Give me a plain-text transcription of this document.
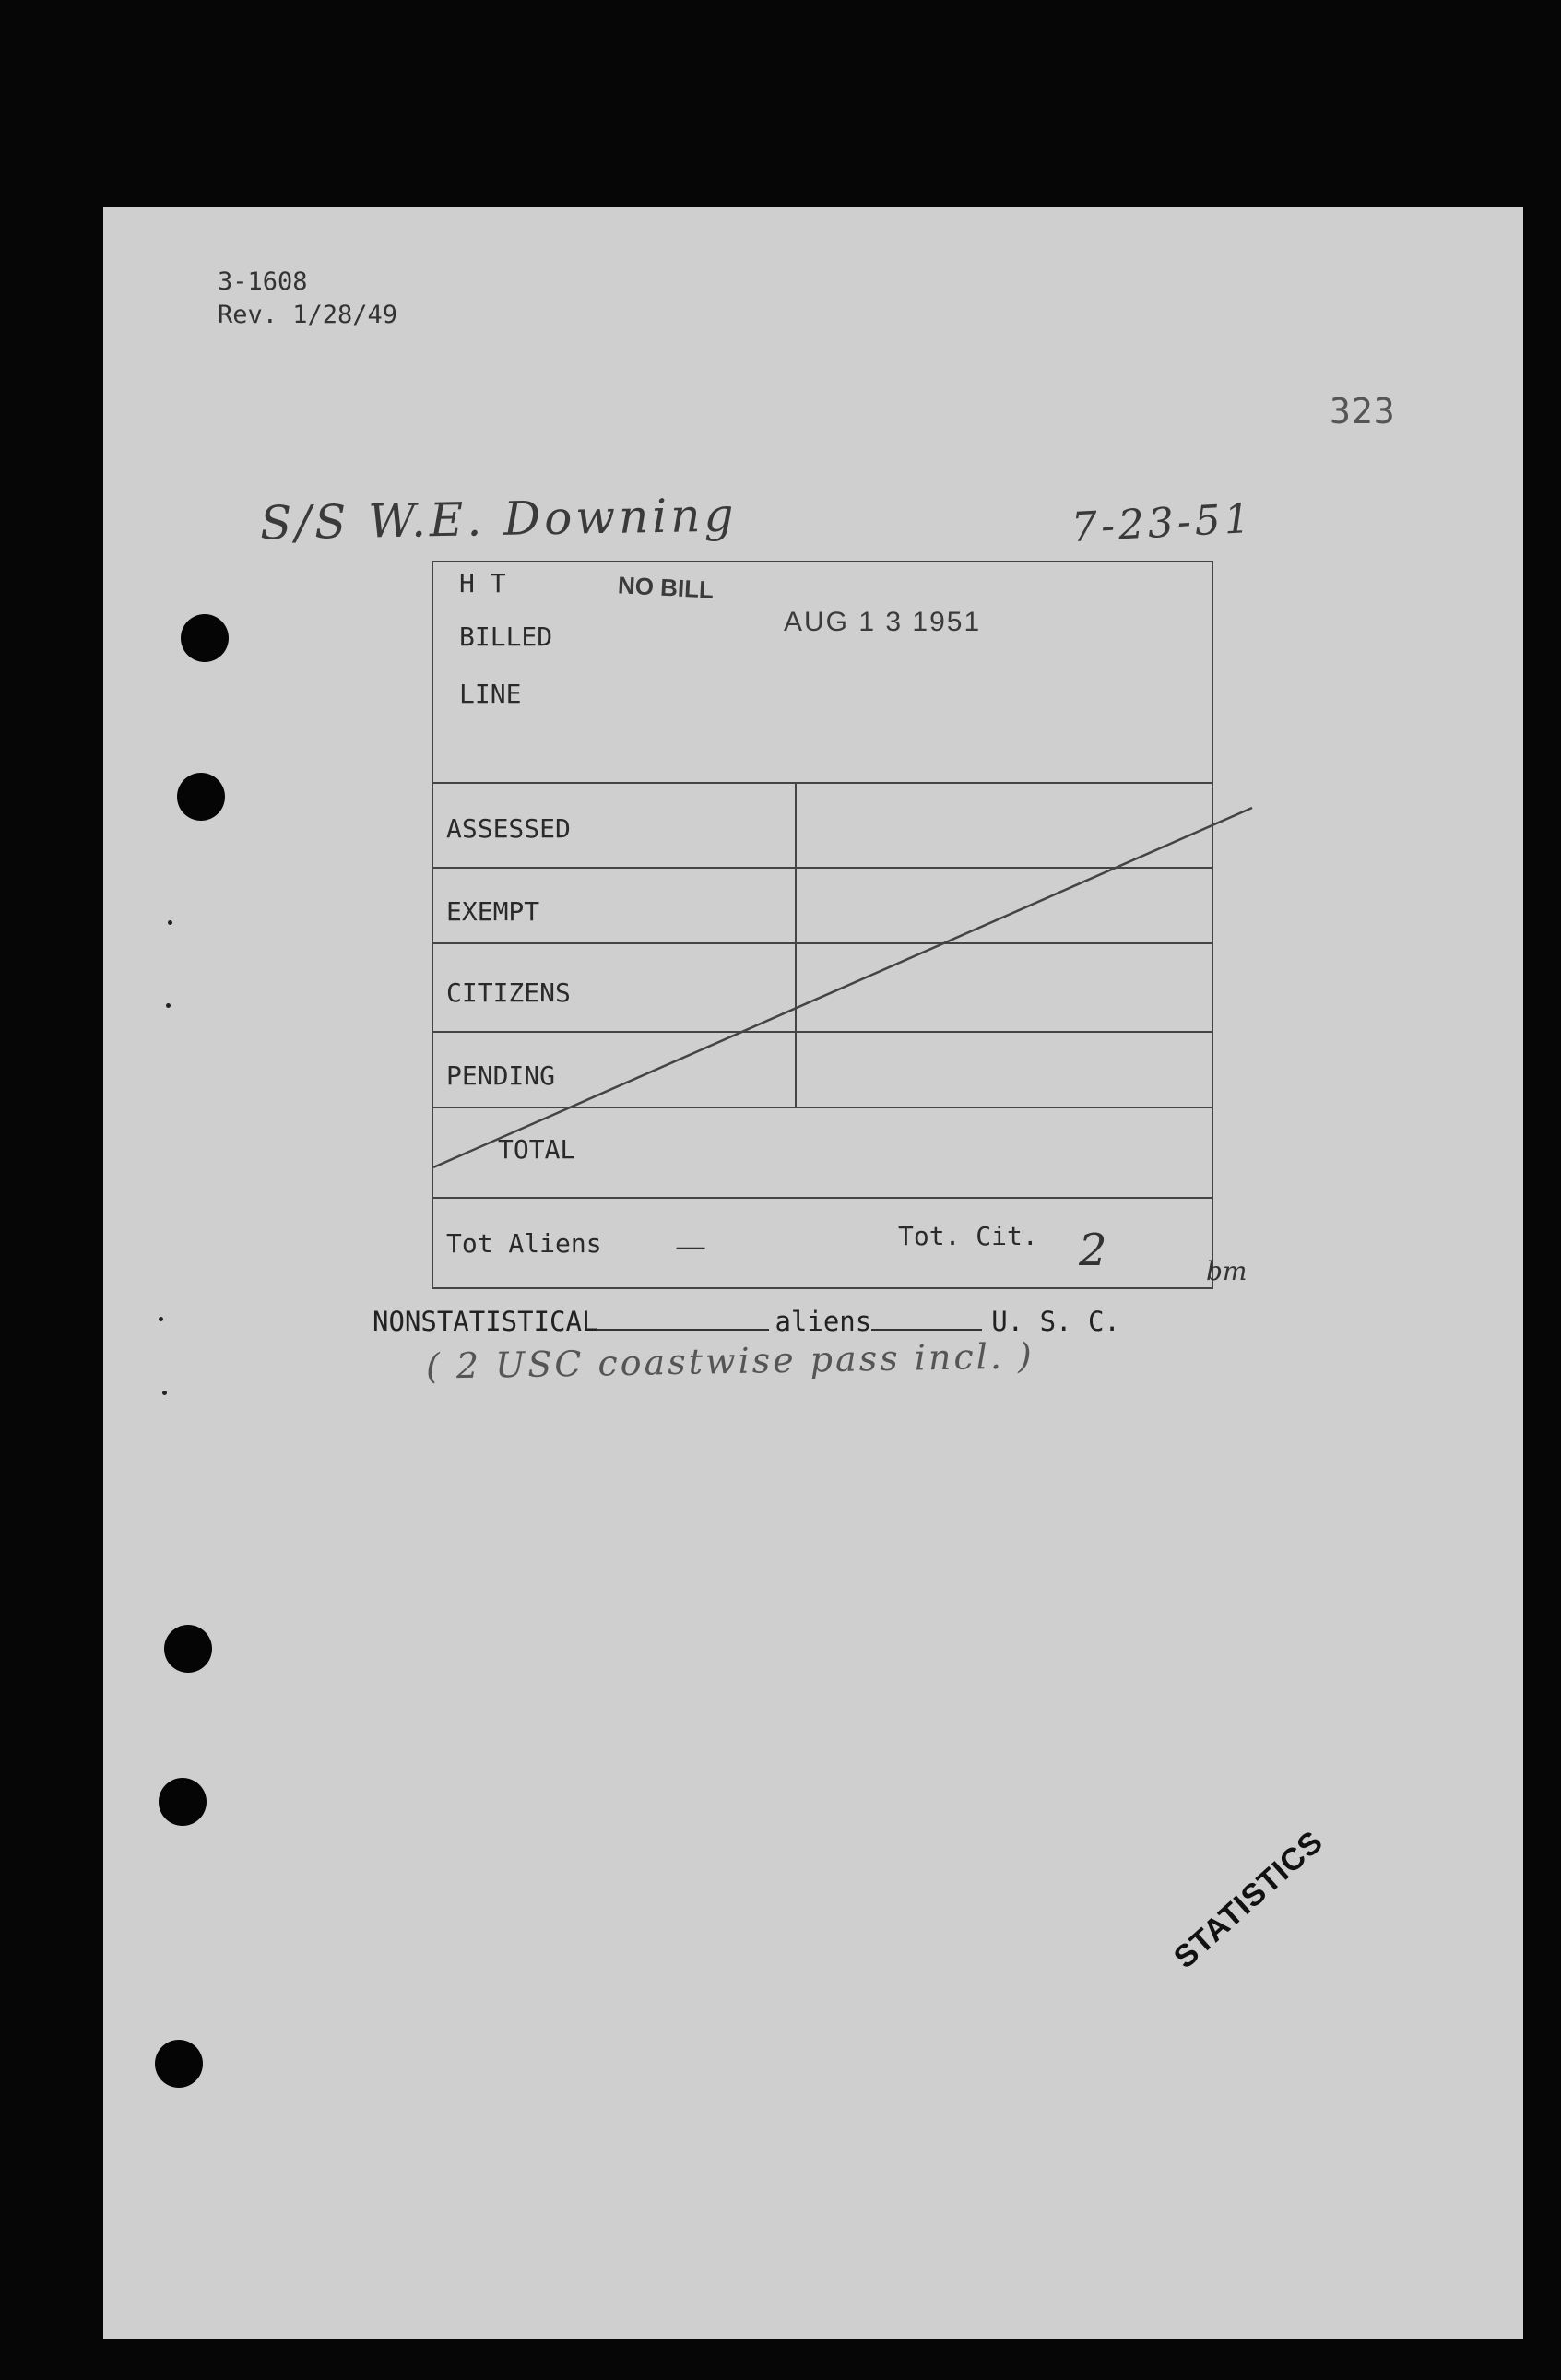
3-1608
Rev. 1/28/49
323
S/S W.E. Downing	7-23-51
H T
BILLED
LINE
NO BILL
AUG 1 3 1951
ASSESSED
EXEMPT
CITIZENS
PENDING
TOTAL
Tot Aliens —	Tot. Cit. 2	bm
NONSTATISTICAL	aliens	U. S. C.
( 2 USC coastwise pass incl. )
STATISTICS
